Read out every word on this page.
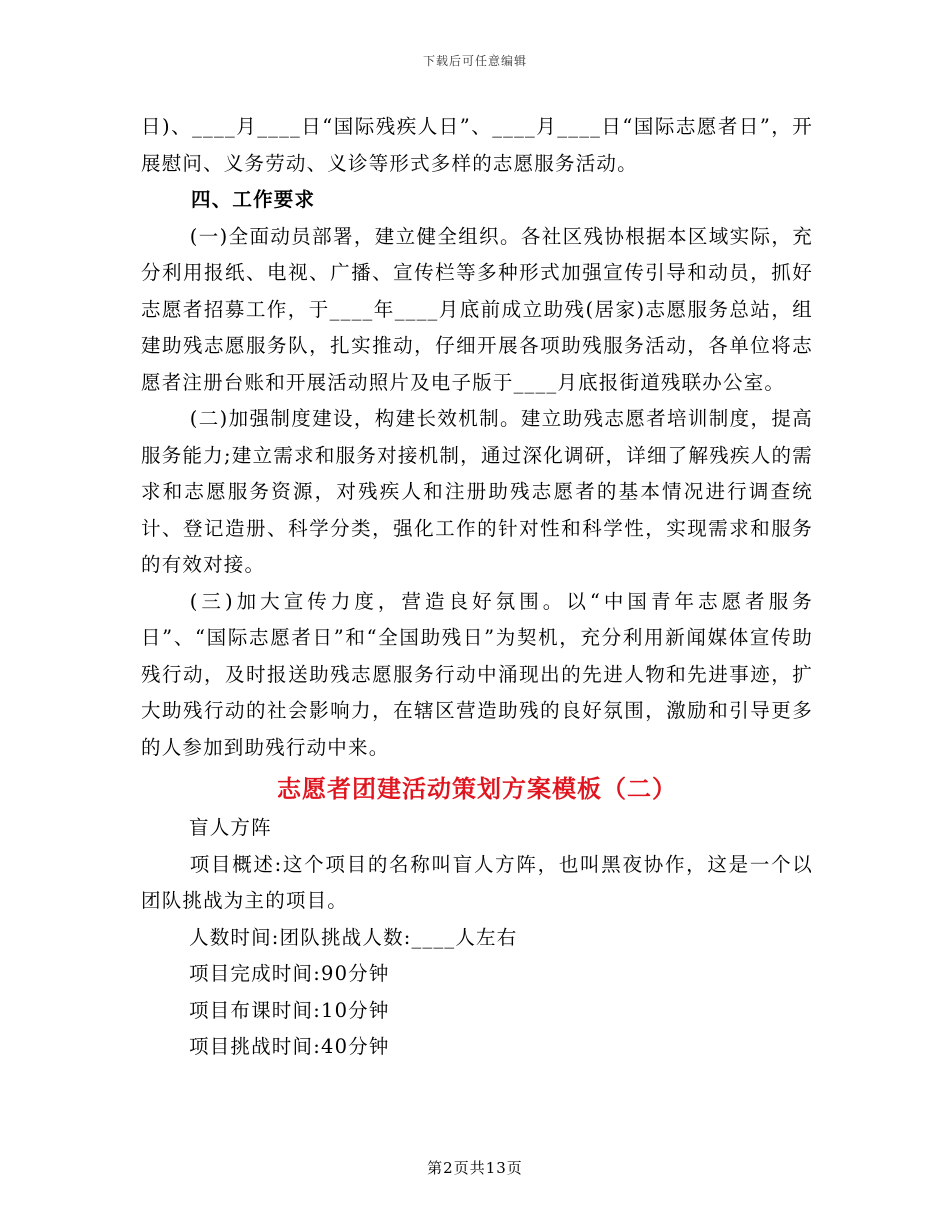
下载后可任意编辑

日)、____月____日“国际残疾人日”、____月____日“国际志愿者日”，开展慰问、义务劳动、义诊等形式多样的志愿服务活动。

四、工作要求

(一)全面动员部署，建立健全组织。各社区残协根据本区域实际，充分利用报纸、电视、广播、宣传栏等多种形式加强宣传引导和动员，抓好志愿者招募工作，于____年____月底前成立助残(居家)志愿服务总站，组建助残志愿服务队，扎实推动，仔细开展各项助残服务活动，各单位将志愿者注册台账和开展活动照片及电子版于____月底报街道残联办公室。

(二)加强制度建设，构建长效机制。建立助残志愿者培训制度，提高服务能力;建立需求和服务对接机制，通过深化调研，详细了解残疾人的需求和志愿服务资源，对残疾人和注册助残志愿者的基本情况进行调查统计、登记造册、科学分类，强化工作的针对性和科学性，实现需求和服务的有效对接。

(三)加大宣传力度，营造良好氛围。以“中国青年志愿者服务日”、“国际志愿者日”和“全国助残日”为契机，充分利用新闻媒体宣传助残行动，及时报送助残志愿服务行动中涌现出的先进人物和先进事迹，扩大助残行动的社会影响力，在辖区营造助残的良好氛围，激励和引导更多的人参加到助残行动中来。

志愿者团建活动策划方案模板（二）

盲人方阵

项目概述:这个项目的名称叫盲人方阵，也叫黑夜协作，这是一个以团队挑战为主的项目。

人数时间:团队挑战人数:____人左右

项目完成时间:90分钟

项目布课时间:10分钟

项目挑战时间:40分钟

第2页共13页
